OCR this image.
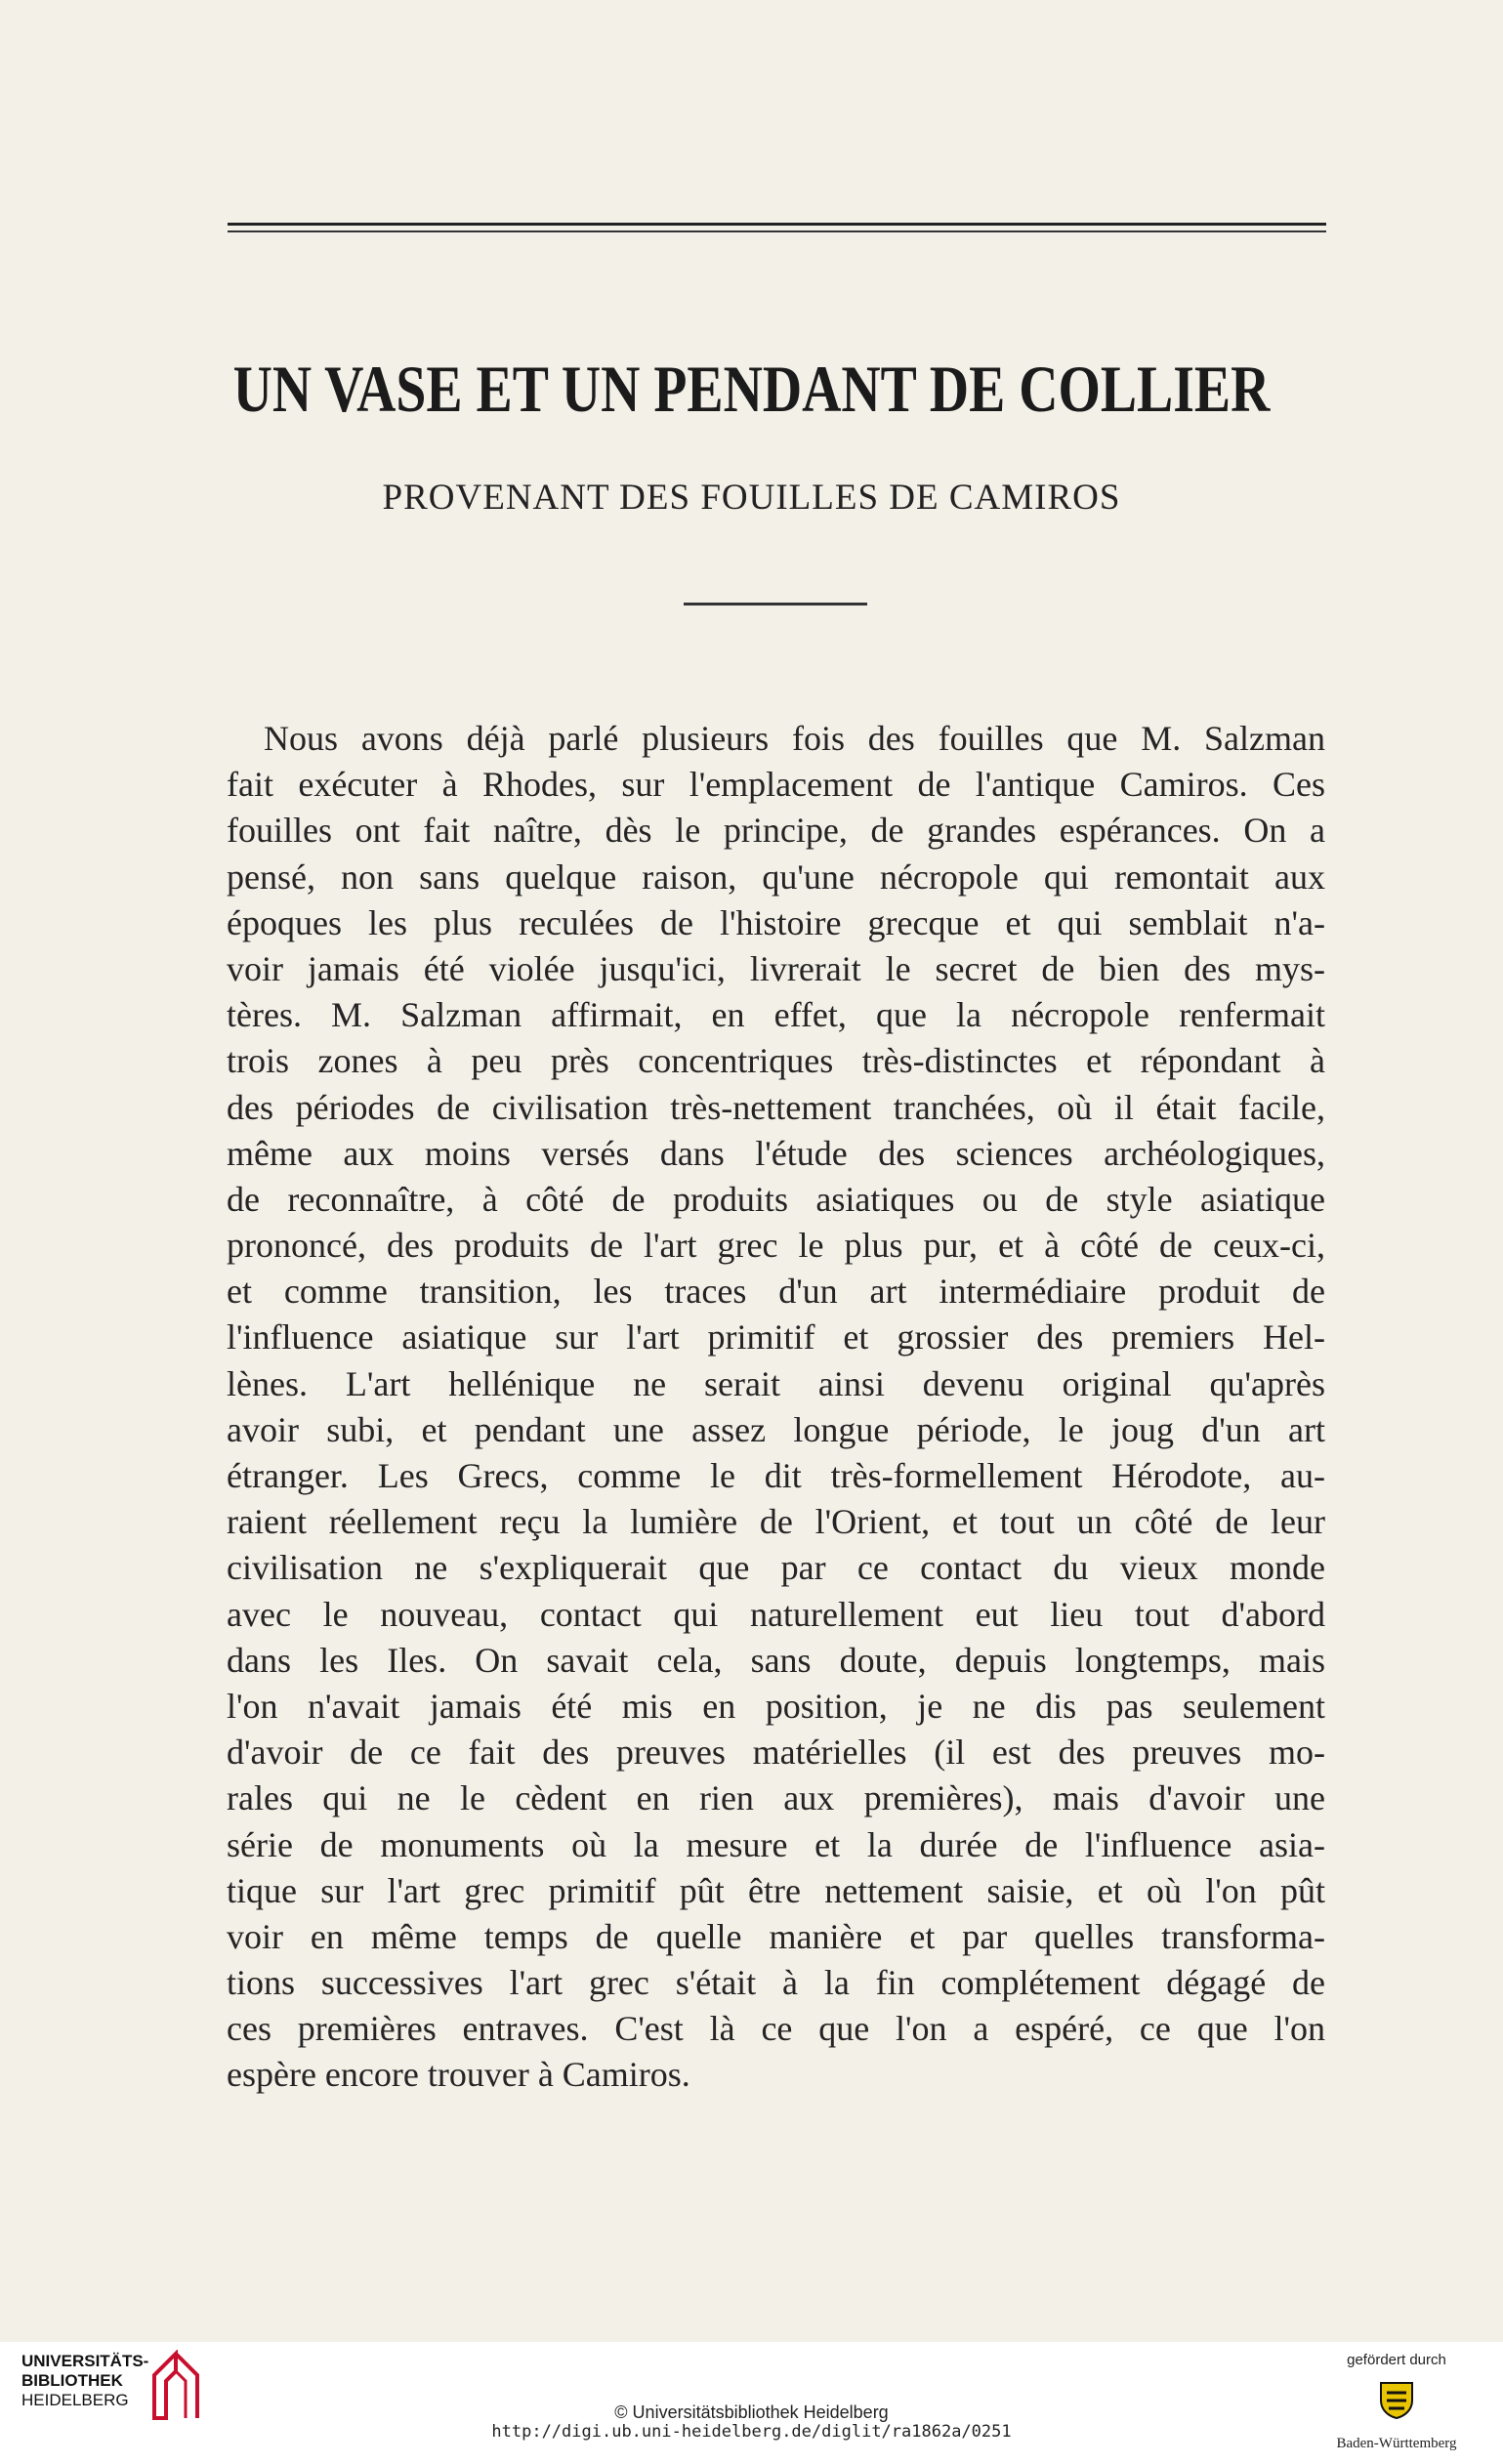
UN VASE ET UN PENDANT DE COLLIER
PROVENANT DES FOUILLES DE CAMIROS
Nous avons déjà parlé plusieurs fois des fouilles que M. Salzman
fait exécuter à Rhodes, sur l'emplacement de l'antique Camiros. Ces
fouilles ont fait naître, dès le principe, de grandes espérances. On a
pensé, non sans quelque raison, qu'une nécropole qui remontait aux
époques les plus reculées de l'histoire grecque et qui semblait n'a-
voir jamais été violée jusqu'ici, livrerait le secret de bien des mys-
tères. M. Salzman affirmait, en effet, que la nécropole renfermait
trois zones à peu près concentriques très-distinctes et répondant à
des périodes de civilisation très-nettement tranchées, où il était facile,
même aux moins versés dans l'étude des sciences archéologiques,
de reconnaître, à côté de produits asiatiques ou de style asiatique
prononcé, des produits de l'art grec le plus pur, et à côté de ceux-ci,
et comme transition, les traces d'un art intermédiaire produit de
l'influence asiatique sur l'art primitif et grossier des premiers Hel-
lènes. L'art hellénique ne serait ainsi devenu original qu'après
avoir subi, et pendant une assez longue période, le joug d'un art
étranger. Les Grecs, comme le dit très-formellement Hérodote, au-
raient réellement reçu la lumière de l'Orient, et tout un côté de leur
civilisation ne s'expliquerait que par ce contact du vieux monde
avec le nouveau, contact qui naturellement eut lieu tout d'abord
dans les Iles. On savait cela, sans doute, depuis longtemps, mais
l'on n'avait jamais été mis en position, je ne dis pas seulement
d'avoir de ce fait des preuves matérielles (il est des preuves mo-
rales qui ne le cèdent en rien aux premières), mais d'avoir une
série de monuments où la mesure et la durée de l'influence asia-
tique sur l'art grec primitif pût être nettement saisie, et où l'on pût
voir en même temps de quelle manière et par quelles transforma-
tions successives l'art grec s'était à la fin complétement dégagé de
ces premières entraves. C'est là ce que l'on a espéré, ce que l'on
espère encore trouver à Camiros.
UNIVERSITÄTS-
BIBLIOTHEK
HEIDELBERG
© Universitätsbibliothek Heidelberg
http://digi.ub.uni-heidelberg.de/diglit/ra1862a/0251
gefördert durch
Baden-Württemberg
